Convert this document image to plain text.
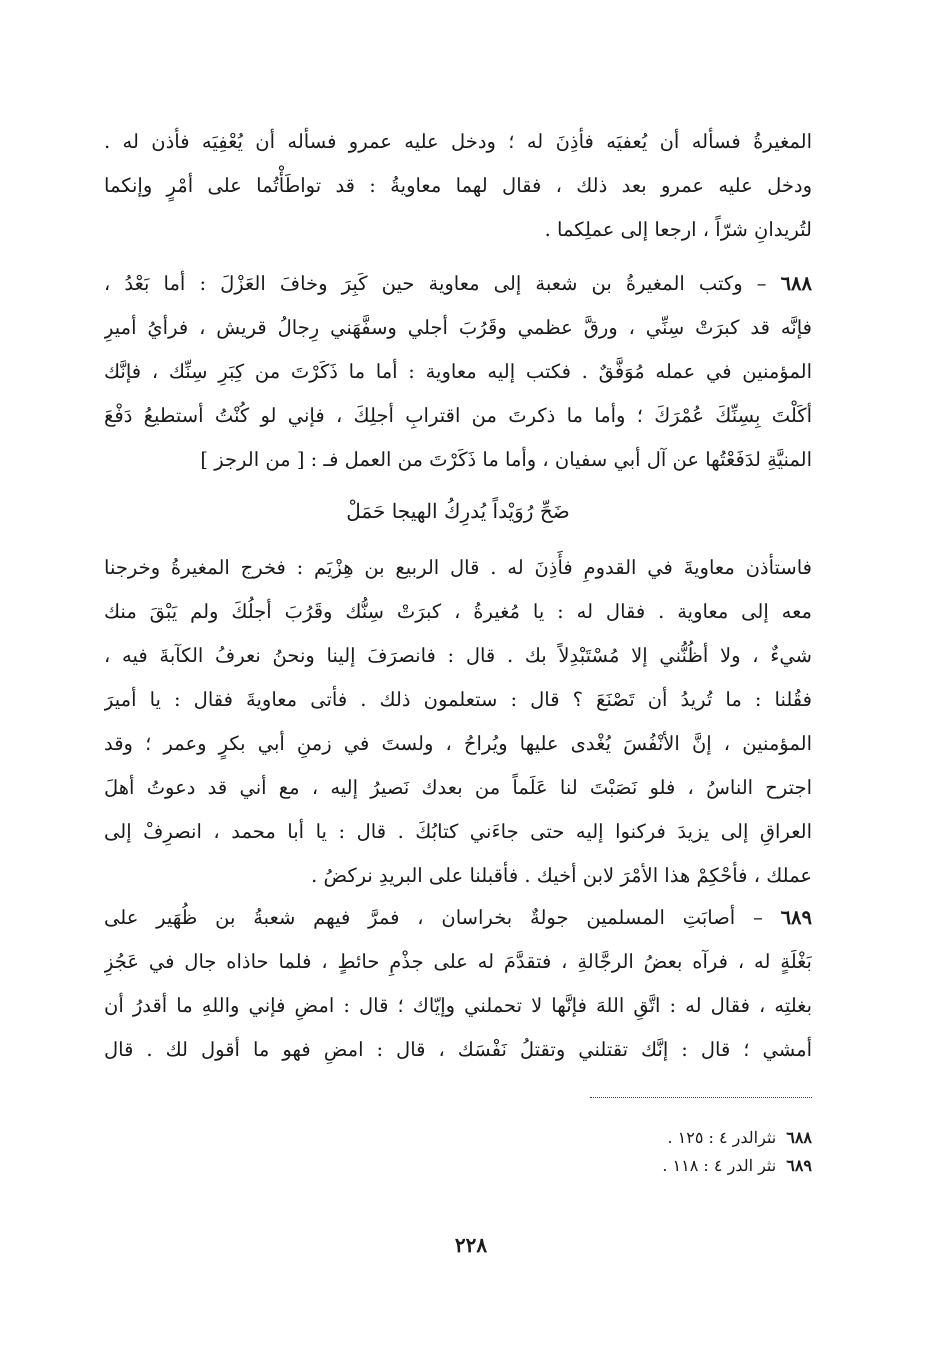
المغيرةُ فسأله أن يُعفيَه فأذِنَ له ؛ ودخل عليه عمرو فسأله أن يُعْفِيَه فأذن له .
ودخل عليه عمرو بعد ذلك ، فقال لهما معاويةُ : قد تواطَأْتُما على أمْرٍ وإنكما
لتُريدانِ شرّاً ، ارجعا إلى عملِكما .
٦٨٨ – وكتب المغيرةُ بن شعبة إلى معاوية حين كَبِرَ وخافَ العَزْلَ : أما بَعْدُ ،
فإنَّه قد كبرَتْ سِنِّي ، ورقَّ عظمي وقَرُبَ أجلي وسفَّهَني رِجالُ قريش ، فرأيُ أميرِ
المؤمنين في عمله مُوَفَّقٌ . فكتب إليه معاوية : أما ما ذَكَرْتَ من كِبَرِ سِنِّك ، فإنَّك
أكَلْتَ بِسِنِّكَ عُمْرَكَ ؛ وأما ما ذكرتَ من اقترابِ أجلِكَ ، فإني لو كُنْتُ أستطيعُ دَفْعَ
المنيَّةِ لدَفَعْتُها عن آل أبي سفيان ، وأما ما ذَكَرْتَ من العمل فـ : [ من الرجز ]
ضَحِّ رُوَيْداً يُدرِكُ الهيجا حَمَلْ
فاستأذن معاويةَ في القدومِ فأَذِنَ له . قال الربيع بن هِزْيَم : فخرج المغيرةُ وخرجنا
معه إلى معاوية . فقال له : يا مُغيرةُ ، كبرَتْ سِنُّك وقَرُبَ أجلُكَ ولم يَبْقَ منك
شيءٌ ، ولا أظُنُّني إلا مُسْتَبْدِلاً بك . قال : فانصرَفَ إلينا ونحنُ نعرفُ الكآبةَ فيه ،
فقُلنا : ما تُريدُ أن تَصْنَعَ ؟ قال : ستعلمون ذلك . فأتى معاويةَ فقال : يا أميرَ
المؤمنين ، إنَّ الأنْفُسَ يُغْدى عليها ويُراحُ ، ولستَ في زمنِ أبي بكرٍ وعمر ؛ وقد
اجترح الناسُ ، فلو نَصَبْتَ لنا عَلَماً من بعدك نَصيرُ إليه ، مع أني قد دعوتُ أهلَ
العراقِ إلى يزيدَ فركنوا إليه حتى جاءَني كتابُكَ . قال : يا أبا محمد ، انصرِفْ إلى
عملك ، فأحْكِمْ هذا الأمْرَ لابن أخيك . فأقبلنا على البريدِ نركضُ .
٦٨٩ – أصابَتِ المسلمين جولةٌ بخراسان ، فمرَّ فيهم شعبةُ بن ظُهَير على
بَغْلَةٍ له ، فرآه بعضُ الرجَّالةِ ، فتقدَّمَ له على جذْمِ حائطٍ ، فلما حاذاه جال في عَجُزِ
بغلتِه ، فقال له : اتَّقِ اللهَ فإنَّها لا تحملني وإيّاك ؛ قال : امضِ فإني واللهِ ما أقدرُ أن
أمشي ؛ قال : إنَّك تقتلني وتقتلُ نَفْسَك ، قال : امضِ فهو ما أقول لك . قال
٦٨٨نثرالدر ٤ : ١٢٥ .
٦٨٩نثر الدر ٤ : ١١٨ .
٢٢٨
